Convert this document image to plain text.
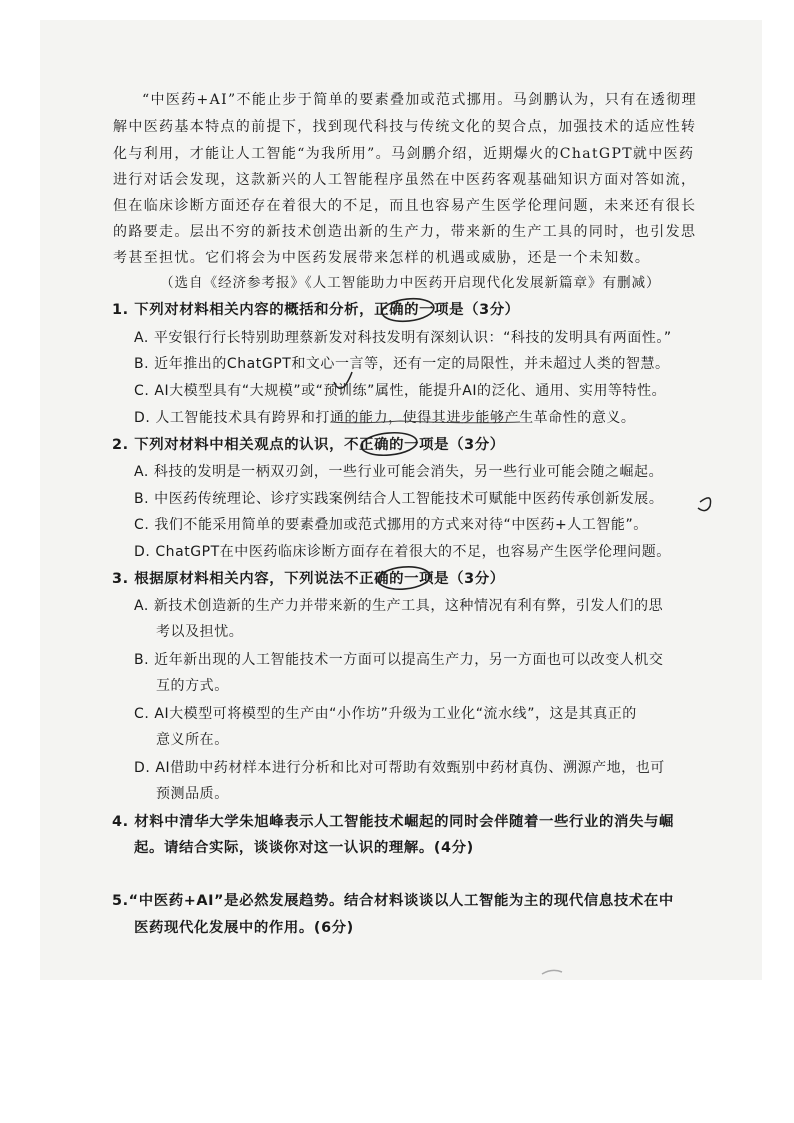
“中医药+AI”不能止步于简单的要素叠加或范式挪用。马剑鹏认为，只有在透彻理
解中医药基本特点的前提下，找到现代科技与传统文化的契合点，加强技术的适应性转
化与利用，才能让人工智能“为我所用”。马剑鹏介绍，近期爆火的ChatGPT就中医药
进行对话会发现，这款新兴的人工智能程序虽然在中医药客观基础知识方面对答如流，
但在临床诊断方面还存在着很大的不足，而且也容易产生医学伦理问题，未来还有很长
的路要走。层出不穷的新技术创造出新的生产力，带来新的生产工具的同时，也引发思
考甚至担忧。它们将会为中医药发展带来怎样的机遇或威胁，还是一个未知数。
（选自《经济参考报》《人工智能助力中医药开启现代化发展新篇章》有删减）
1. 下列对材料相关内容的概括和分析，正确的一项是（3分）
A. 平安银行行长特别助理蔡新发对科技发明有深刻认识：“科技的发明具有两面性。”
B. 近年推出的ChatGPT和文心一言等，还有一定的局限性，并未超过人类的智慧。
C. AI大模型具有“大规模”或“预训练”属性，能提升AI的泛化、通用、实用等特性。
D. 人工智能技术具有跨界和打通的能力，使得其进步能够产生革命性的意义。
2. 下列对材料中相关观点的认识，不正确的一项是（3分）
A. 科技的发明是一柄双刃剑，一些行业可能会消失，另一些行业可能会随之崛起。
B. 中医药传统理论、诊疗实践案例结合人工智能技术可赋能中医药传承创新发展。
C. 我们不能采用简单的要素叠加或范式挪用的方式来对待“中医药+人工智能”。
D. ChatGPT在中医药临床诊断方面存在着很大的不足，也容易产生医学伦理问题。
3. 根据原材料相关内容，下列说法不正确的一项是（3分）
A. 新技术创造新的生产力并带来新的生产工具，这种情况有利有弊，引发人们的思
考以及担忧。
B. 近年新出现的人工智能技术一方面可以提高生产力，另一方面也可以改变人机交
互的方式。
C. AI大模型可将模型的生产由“小作坊”升级为工业化“流水线”，这是其真正的
意义所在。
D. AI借助中药材样本进行分析和比对可帮助有效甄别中药材真伪、溯源产地，也可
预测品质。
4. 材料中清华大学朱旭峰表示人工智能技术崛起的同时会伴随着一些行业的消失与崛
起。请结合实际，谈谈你对这一认识的理解。(4分)
5.“中医药+AI”是必然发展趋势。结合材料谈谈以人工智能为主的现代信息技术在中
医药现代化发展中的作用。(6分)
